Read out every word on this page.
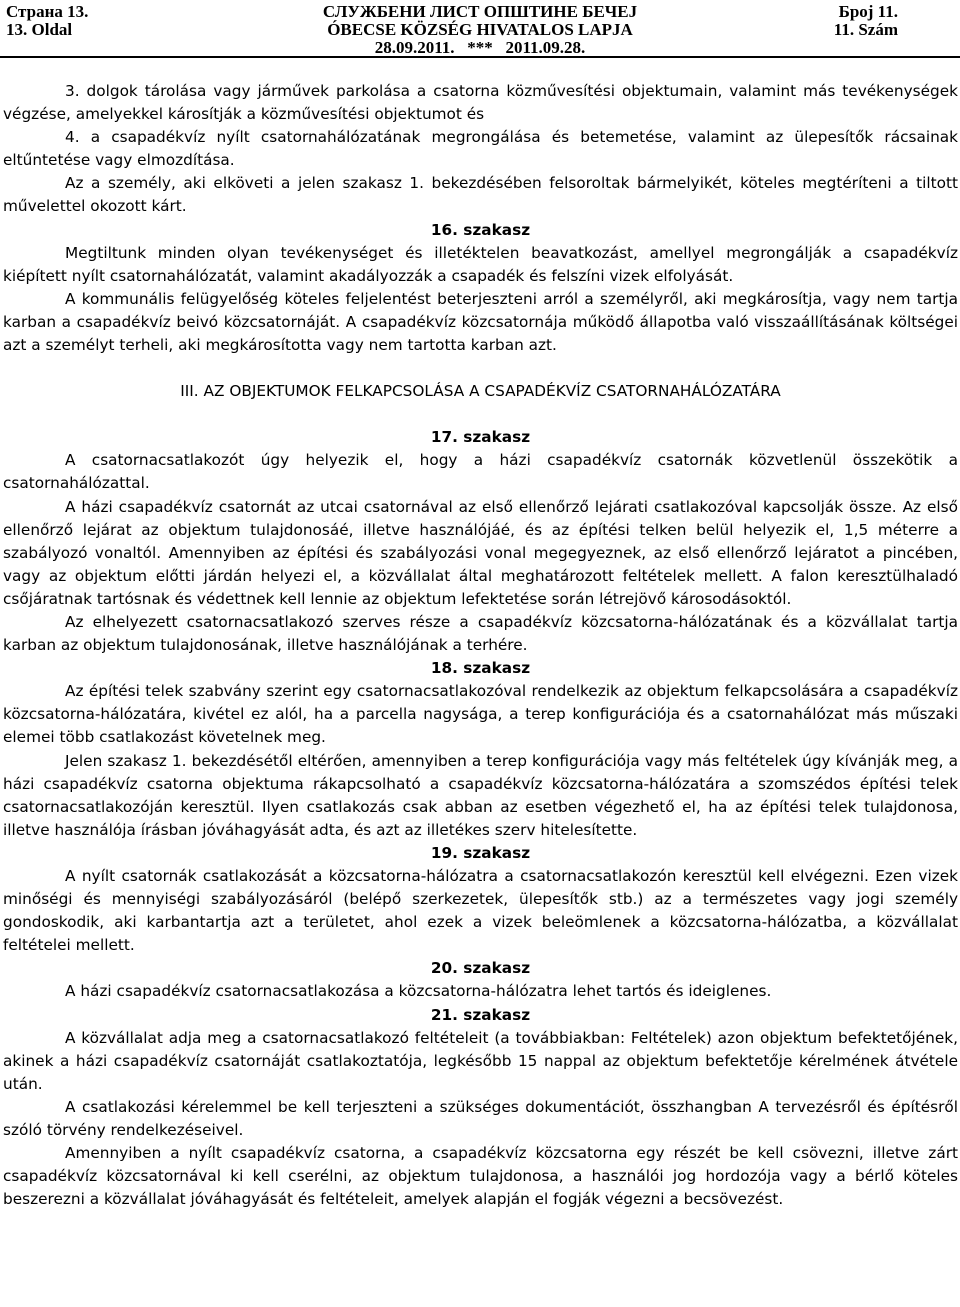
Страна 13.	СЛУЖБЕНИ ЛИСТ ОПШТИНЕ БЕЧЕЈ	Број 11.
13. Oldal	ÓBECSE KÖZSÉG HIVATALOS LAPJA	11. Szám
28.09.2011.   ***   2011.09.28.

3. dolgok tárolása vagy járművek parkolása a csatorna közművesítési objektumain, valamint más tevékenységek végzése, amelyekkel károsítják a közművesítési objektumot és

4. a csapadékvíz nyílt csatornahálózatának megrongálása és betemetése, valamint az ülepesítők rácsainak eltűntetése vagy elmozdítása.

Az a személy, aki elköveti a jelen szakasz 1. bekezdésében felsoroltak bármelyikét, köteles megtéríteni a tiltott művelettel okozott kárt.

16. szakasz

Megtiltunk minden olyan tevékenységet és illetéktelen beavatkozást, amellyel megrongálják a csapadékvíz kiépített nyílt csatornahálózatát, valamint akadályozzák a csapadék és felszíni vizek elfolyását.

A kommunális felügyelőség köteles feljelentést beterjeszteni arról a személyről, aki megkárosítja, vagy nem tartja karban a csapadékvíz beivó közcsatornáját. A csapadékvíz közcsatornája működő állapotba való visszaállításának költségei azt a személyt terheli, aki megkárosította vagy nem tartotta karban azt.

III. AZ OBJEKTUMOK FELKAPCSOLÁSA A CSAPADÉKVÍZ CSATORNAHÁLÓZATÁRA

17. szakasz

A csatornacsatlakozót úgy helyezik el, hogy a házi csapadékvíz csatornák közvetlenül összekötik a csatornahálózattal.

A házi csapadékvíz csatornát az utcai csatornával az első ellenőrző lejárati csatlakozóval kapcsolják össze. Az első ellenőrző lejárat az objektum tulajdonosáé, illetve használójáé, és az építési telken belül helyezik el, 1,5 méterre a szabályozó vonaltól. Amennyiben az építési és szabályozási vonal megegyeznek, az első ellenőrző lejáratot a pincében, vagy az objektum előtti járdán helyezi el, a közvállalat által meghatározott feltételek mellett. A falon keresztülhaladó csőjáratnak tartósnak és védettnek kell lennie az objektum lefektetése során létrejövő károsodásoktól.

Az elhelyezett csatornacsatlakozó szerves része a csapadékvíz közcsatorna-hálózatának és a közvállalat tartja karban az objektum tulajdonosának, illetve használójának a terhére.

18. szakasz

Az építési telek szabvány szerint egy csatornacsatlakozóval rendelkezik az objektum felkapcsolására a csapadékvíz közcsatorna-hálózatára, kivétel ez alól, ha a parcella nagysága, a terep konfigurációja és a csatornahálózat más műszaki elemei több csatlakozást követelnek meg.

Jelen szakasz 1. bekezdésétől eltérően, amennyiben a terep konfigurációja vagy más feltételek úgy kívánják meg, a házi csapadékvíz csatorna objektuma rákapcsolható a csapadékvíz közcsatorna-hálózatára a szomszédos építési telek csatornacsatlakozóján keresztül. Ilyen csatlakozás csak abban az esetben végezhető el, ha az építési telek tulajdonosa, illetve használója írásban jóváhagyását adta, és azt az illetékes szerv hitelesítette.

19. szakasz

A nyílt csatornák csatlakozását a közcsatorna-hálózatra a csatornacsatlakozón keresztül kell elvégezni. Ezen vizek minőségi és mennyiségi szabályozásáról (belépő szerkezetek, ülepesítők stb.) az a természetes vagy jogi személy gondoskodik, aki karbantartja azt a területet, ahol ezek a vizek beleömlenek a közcsatorna-hálózatba, a közvállalat feltételei mellett.

20. szakasz

A házi csapadékvíz csatornacsatlakozása a közcsatorna-hálózatra lehet tartós és ideiglenes.

21. szakasz

A közvállalat adja meg a csatornacsatlakozó feltételeit (a továbbiakban: Feltételek) azon objektum befektetőjének, akinek a házi csapadékvíz csatornáját csatlakoztatója, legkésőbb 15 nappal az objektum befektetője kérelmének átvétele után.

A csatlakozási kérelemmel be kell terjeszteni a szükséges dokumentációt, összhangban A tervezésről és építésről szóló törvény rendelkezéseivel.

Amennyiben a nyílt csapadékvíz csatorna, a csapadékvíz közcsatorna egy részét be kell csövezni, illetve zárt csapadékvíz közcsatornával ki kell cserélni, az objektum tulajdonosa, a használói jog hordozója vagy a bérlő köteles beszerezni a közvállalat jóváhagyását és feltételeit, amelyek alapján el fogják végezni a becsövezést.
